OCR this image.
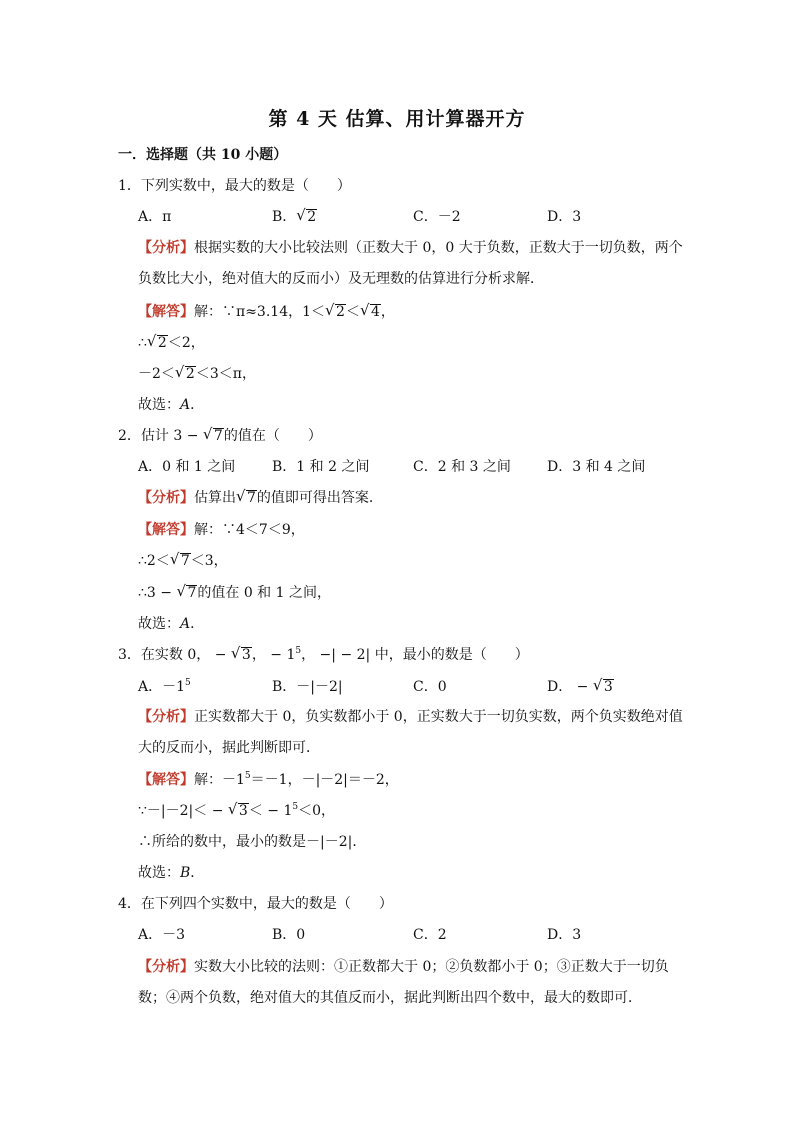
第 4 天 估算、用计算器开方
一．选择题（共 10 小题）
1．下列实数中，最大的数是（　　）
A．π	B． √ 2	C．－2	D．3
【分析】根据实数的大小比较法则（正数大于 0，0 大于负数，正数大于一切负数，两个
负数比大小，绝对值大的反而小）及无理数的估算进行分析求解．
【解答】解：∵π≈3.14，1＜ √ 2＜ √ 4，
∴ √ 2＜2，
－2＜ √ 2＜3＜π，
故选：A．
2．估计 3 − √ 7的值在（　　）
A．0 和 1 之间	B．1 和 2 之间	C．2 和 3 之间	D．3 和 4 之间
【分析】估算出 √ 7的值即可得出答案．
【解答】解：∵4＜7＜9，
∴2＜ √ 7＜3，
∴3 − √ 7的值在 0 和 1 之间，
故选：A．
3．在实数 0， − √ 3， − $1^5$， −| − 2| 中，最小的数是（　　）
A．$-1^5$	B．－|－2|	C．0	D． − √ 3
【分析】正实数都大于 0，负实数都小于 0，正实数大于一切负实数，两个负实数绝对值
大的反而小，据此判断即可．
【解答】解：$-1^5=-1$，－|－2|＝－2，
∵－|－2|＜ − √ $3< - 1^5<0$，
∴所给的数中，最小的数是－|－2|．
故选：B．
4．在下列四个实数中，最大的数是（　　）
A．－3	B．0	C．2	D．3
【分析】实数大小比较的法则：①正数都大于 0；②负数都小于 0；③正数大于一切负
数；④两个负数，绝对值大的其值反而小，据此判断出四个数中，最大的数即可．
